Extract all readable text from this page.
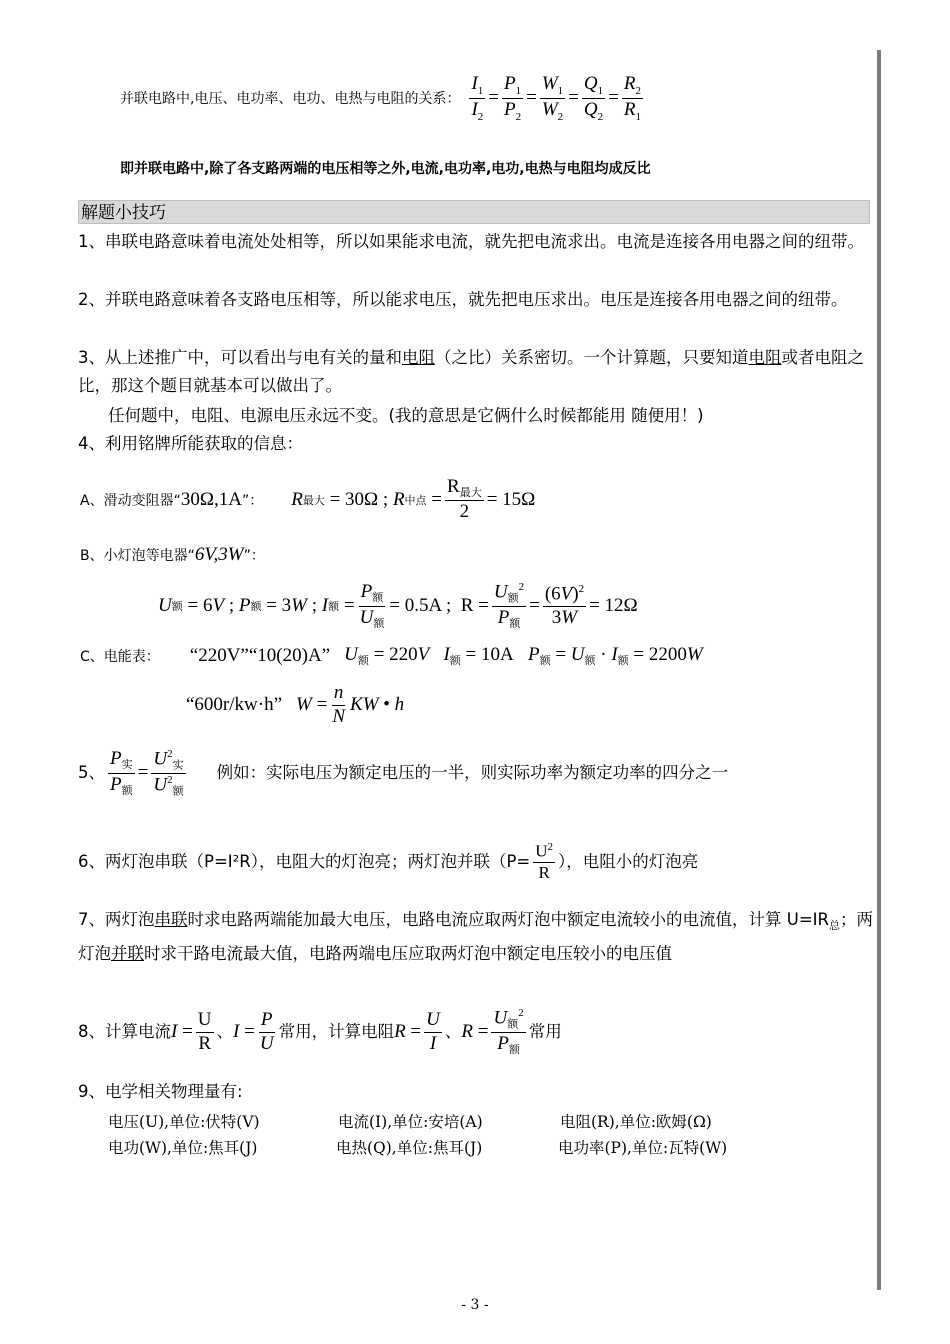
并联电路中,电压、电功率、电功、电热与电阻的关系： $\frac{I_1}{I_2} = \frac{P_1}{P_2} = \frac{W_1}{W_2} = \frac{Q_1}{Q_2} = \frac{R_2}{R_1}$
即并联电路中,除了各支路两端的电压相等之外,电流,电功率,电功,电热与电阻均成反比
解题小技巧
1、串联电路意味着电流处处相等，所以如果能求电流，就先把电流求出。电流是连接各用电器之间的纽带。
2、并联电路意味着各支路电压相等，所以能求电压，就先把电压求出。电压是连接各用电器之间的纽带。
3、从上述推广中，可以看出与电有关的量和电阻（之比）关系密切。一个计算题，只要知道电阻或者电阻之比，那这个题目就基本可以做出了。
任何题中，电阻、电源电压永远不变。(我的意思是它俩什么时候都能用 随便用！)
4、利用铭牌所能获取的信息：
A、滑动变阻器“ 30Ω,1A ”： R 最大 = 30Ω ; R 中点 = $\frac{R_{最大}}{2} = 15\Omega$
B、小灯泡等电器“ 6V,3W ”：
U 额 = 6 V ; P 额 = 3 W ; I 额 = $\frac{P_额}{U_额} = 0.5A$ ;  $R = \frac{U_额^2}{P_额} = \frac{(6V)^2}{3W} = 12\Omega$
C、电能表： “220V”“10(20)A” $U_额 = 220V$ $I_额 = 10A$   $P_额 = U_额 \cdot I_额 = 2200W$
“600r/kw·h” $W = \frac{n}{N}$ KW • h
5、 $\frac{P_实}{P_额} = \frac{U^2_实}{U^2_额}$ 例如：实际电压为额定电压的一半，则实际功率为额定功率的四分之一
6、两灯泡串联（P=I²R），电阻大的灯泡亮；两灯泡并联（$P= \frac{U^2}{R}$ ），电阻小的灯泡亮
7、两灯泡串联时求电路两端能加最大电压，电路电流应取两灯泡中额定电流较小的电流值，计算 $U=IR_总$；两灯泡并联时求干路电流最大值，电路两端电压应取两灯泡中额定电压较小的电压值
8、计算电流 $I = \frac{U}{R}$ 、 $I = \frac{P}{U}$ 常用，计算电阻 $R = \frac{U}{I}$ 、 $R = \frac{U_额^2}{P_额}$ 常用
9、电学相关物理量有:
电压(U),单位:伏特(V)	电流(I),单位:安培(A)	电阻(R),单位:欧姆(Ω)
电功(W),单位:焦耳(J)	电热(Q),单位:焦耳(J)	电功率(P),单位:瓦特(W)
- 3 -
